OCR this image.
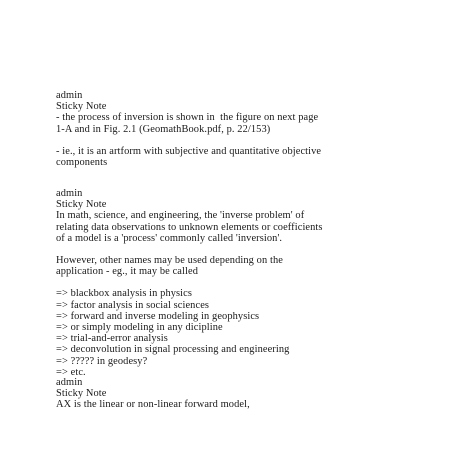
admin
Sticky Note
- the process of inversion is shown in  the figure on next page
1-A and in Fig. 2.1 (GeomathBook.pdf, p. 22/153)
- ie., it is an artform with subjective and quantitative objective
components
admin
Sticky Note
In math, science, and engineering, the 'inverse problem' of
relating data observations to unknown elements or coefficients
of a model is a 'process' commonly called 'inversion'.
However, other names may be used depending on the
application - eg., it may be called
=> blackbox analysis in physics
=> factor analysis in social sciences
=> forward and inverse modeling in geophysics
=> or simply modeling in any dicipline
=> trial-and-error analysis
=> deconvolution in signal processing and engineering
=> ????? in geodesy?
=> etc.
admin
Sticky Note
AX is the linear or non-linear forward model,
